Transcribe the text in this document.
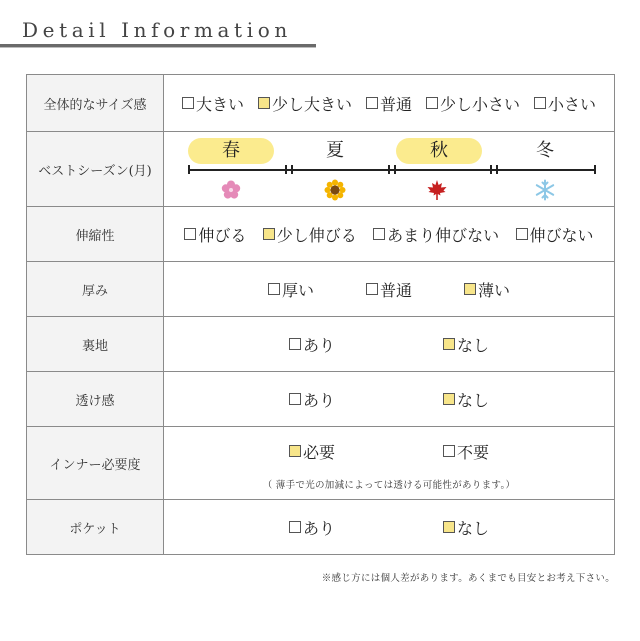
Detail Information
全体的なサイズ感	大きい 少し大きい 普通 少し小さい 小さい

ベストシーズン(月)	春 夏 秋 冬

伸縮性	伸びる 少し伸びる あまり伸びない 伸びない

厚み	厚い 普通 薄い

裏地	あり なし

透け感	あり なし

インナー必要度	必要 不要
（ 薄手で光の加減によっては透ける可能性があります。）

ポケット	あり なし
※感じ方には個人差があります。あくまでも目安とお考え下さい。
